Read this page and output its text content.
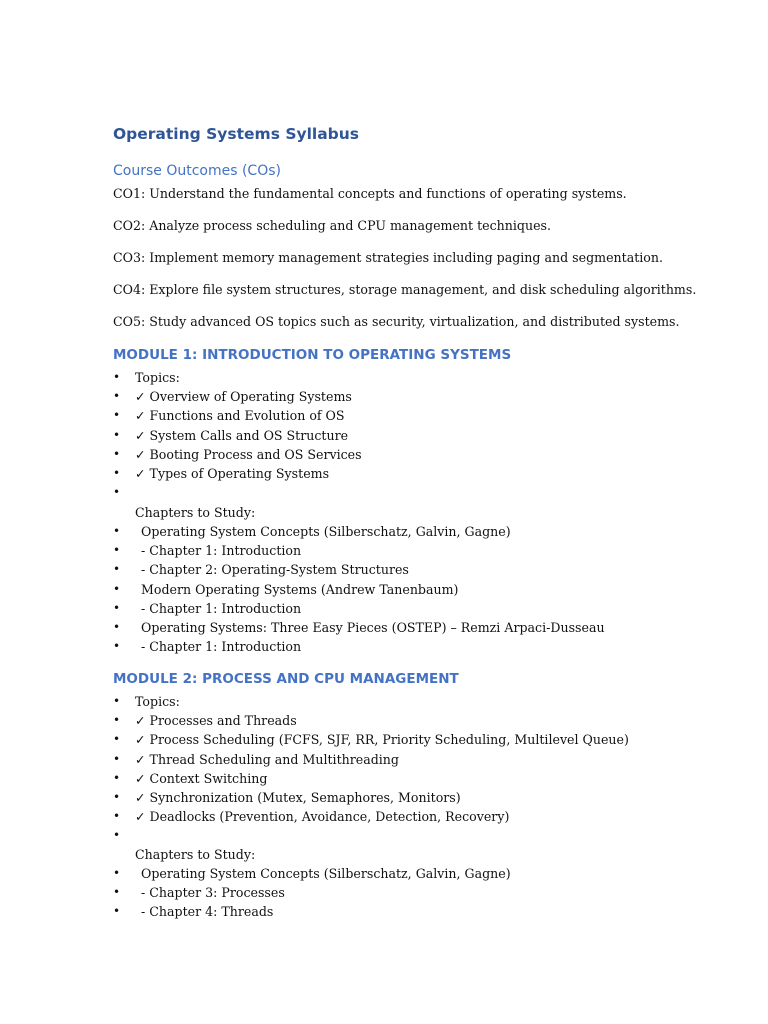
Operating Systems Syllabus
Course Outcomes (COs)

CO1: Understand the fundamental concepts and functions of operating systems.

CO2: Analyze process scheduling and CPU management techniques.

CO3: Implement memory management strategies including paging and segmentation.

CO4: Explore file system structures, storage management, and disk scheduling algorithms.

CO5: Study advanced OS topics such as security, virtualization, and distributed systems.

MODULE 1: INTRODUCTION TO OPERATING SYSTEMS
• Topics:
• ✓ Overview of Operating Systems
• ✓ Functions and Evolution of OS
• ✓ System Calls and OS Structure
• ✓ Booting Process and OS Services
• ✓ Types of Operating Systems
•

Chapters to Study:

• Operating System Concepts (Silberschatz, Galvin, Gagne)
• - Chapter 1: Introduction
• - Chapter 2: Operating-System Structures
• Modern Operating Systems (Andrew Tanenbaum)
• - Chapter 1: Introduction
• Operating Systems: Three Easy Pieces (OSTEP) – Remzi Arpaci-Dusseau
• - Chapter 1: Introduction
MODULE 2: PROCESS AND CPU MANAGEMENT
• Topics:
• ✓ Processes and Threads
• ✓ Process Scheduling (FCFS, SJF, RR, Priority Scheduling, Multilevel Queue)
• ✓ Thread Scheduling and Multithreading
• ✓ Context Switching
• ✓ Synchronization (Mutex, Semaphores, Monitors)
• ✓ Deadlocks (Prevention, Avoidance, Detection, Recovery)
•

Chapters to Study:

• Operating System Concepts (Silberschatz, Galvin, Gagne)
• - Chapter 3: Processes
• - Chapter 4: Threads
